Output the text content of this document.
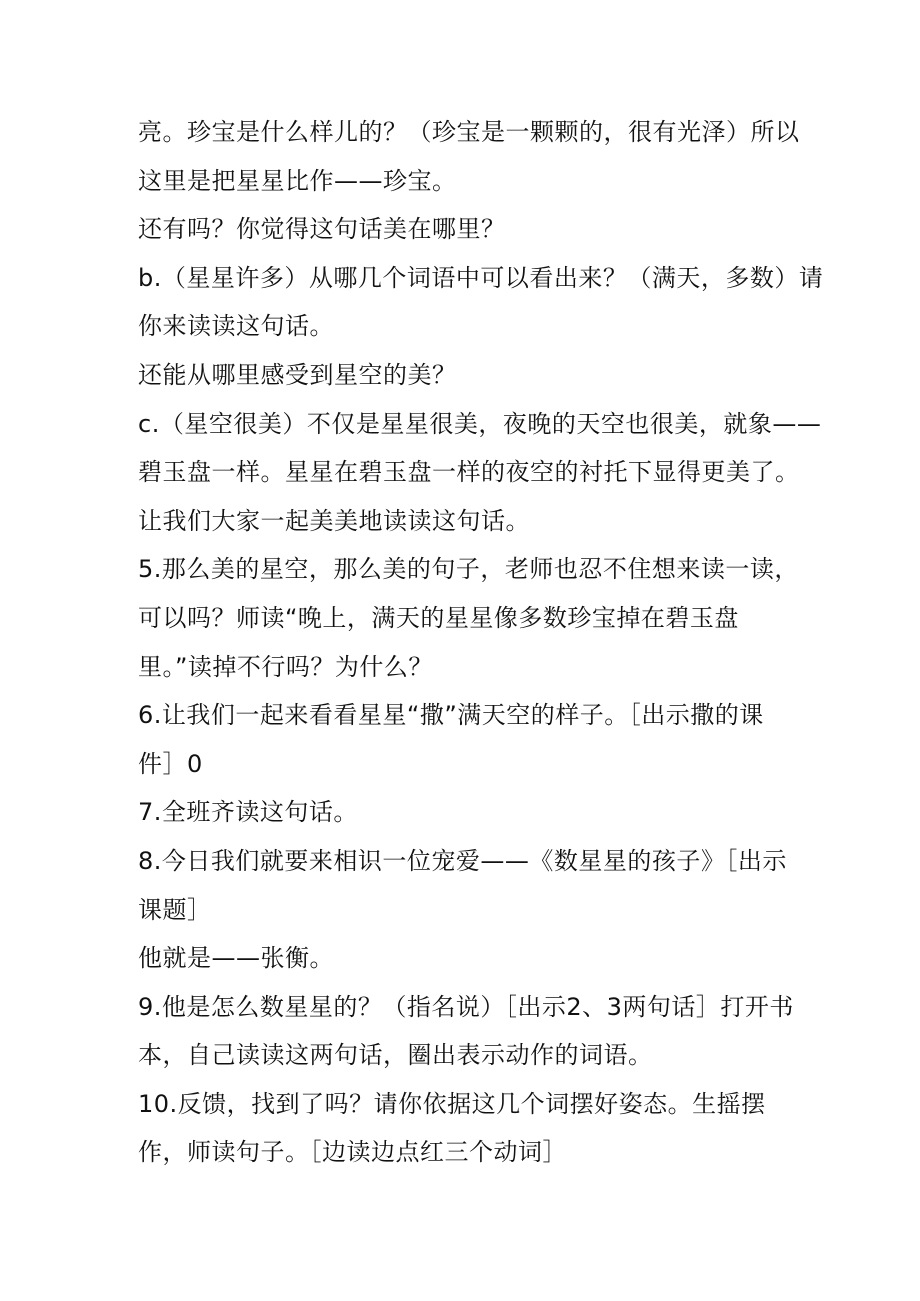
亮。珍宝是什么样儿的？（珍宝是一颗颗的，很有光泽）所以
这里是把星星比作——珍宝。
还有吗？你觉得这句话美在哪里？
b.（星星许多）从哪几个词语中可以看出来？（满天，多数）请
你来读读这句话。
还能从哪里感受到星空的美？
c.（星空很美）不仅是星星很美，夜晚的天空也很美，就象——
碧玉盘一样。星星在碧玉盘一样的夜空的衬托下显得更美了。
让我们大家一起美美地读读这句话。
5.那么美的星空，那么美的句子，老师也忍不住想来读一读，
可以吗？师读“晚上，满天的星星像多数珍宝掉在碧玉盘
里。”读掉不行吗？为什么？
6.让我们一起来看看星星“撒”满天空的样子。［出示撒的课
件］0
7.全班齐读这句话。
8.今日我们就要来相识一位宠爱——《数星星的孩子》［出示
课题］
他就是——张衡。
9.他是怎么数星星的？（指名说）［出示2、3两句话］打开书
本，自己读读这两句话，圈出表示动作的词语。
10.反馈，找到了吗？请你依据这几个词摆好姿态。生摇摆
作，师读句子。［边读边点红三个动词］
